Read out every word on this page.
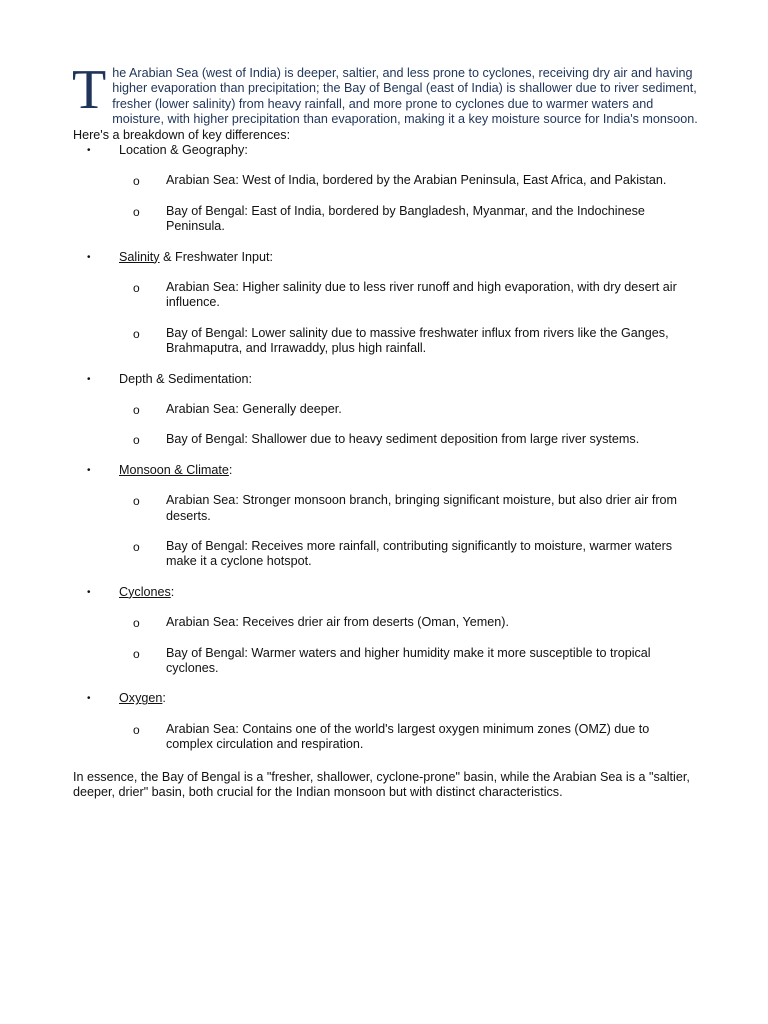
T he Arabian Sea (west of India) is deeper, saltier, and less prone to cyclones, receiving dry air and having higher evaporation than precipitation; the Bay of Bengal (east of India) is shallower due to river sediment, fresher (lower salinity) from heavy rainfall, and more prone to cyclones due to warmer waters and moisture, with higher precipitation than evaporation, making it a key moisture source for India's monsoon.

Here's a breakdown of key differences:

• Location & Geography:
o Arabian Sea: West of India, bordered by the Arabian Peninsula, East Africa, and Pakistan.
o Bay of Bengal: East of India, bordered by Bangladesh, Myanmar, and the Indochinese Peninsula.
• Salinity & Freshwater Input:
o Arabian Sea: Higher salinity due to less river runoff and high evaporation, with dry desert air influence.
o Bay of Bengal: Lower salinity due to massive freshwater influx from rivers like the Ganges, Brahmaputra, and Irrawaddy, plus high rainfall.
• Depth & Sedimentation:
o Arabian Sea: Generally deeper.
o Bay of Bengal: Shallower due to heavy sediment deposition from large river systems.
• Monsoon & Climate:
o Arabian Sea: Stronger monsoon branch, bringing significant moisture, but also drier air from deserts.
o Bay of Bengal: Receives more rainfall, contributing significantly to moisture, warmer waters make it a cyclone hotspot.
• Cyclones:
o Arabian Sea: Receives drier air from deserts (Oman, Yemen).
o Bay of Bengal: Warmer waters and higher humidity make it more susceptible to tropical cyclones.
• Oxygen:
o Arabian Sea: Contains one of the world's largest oxygen minimum zones (OMZ) due to complex circulation and respiration.

In essence, the Bay of Bengal is a "fresher, shallower, cyclone-prone" basin, while the Arabian Sea is a "saltier, deeper, drier" basin, both crucial for the Indian monsoon but with distinct characteristics.
